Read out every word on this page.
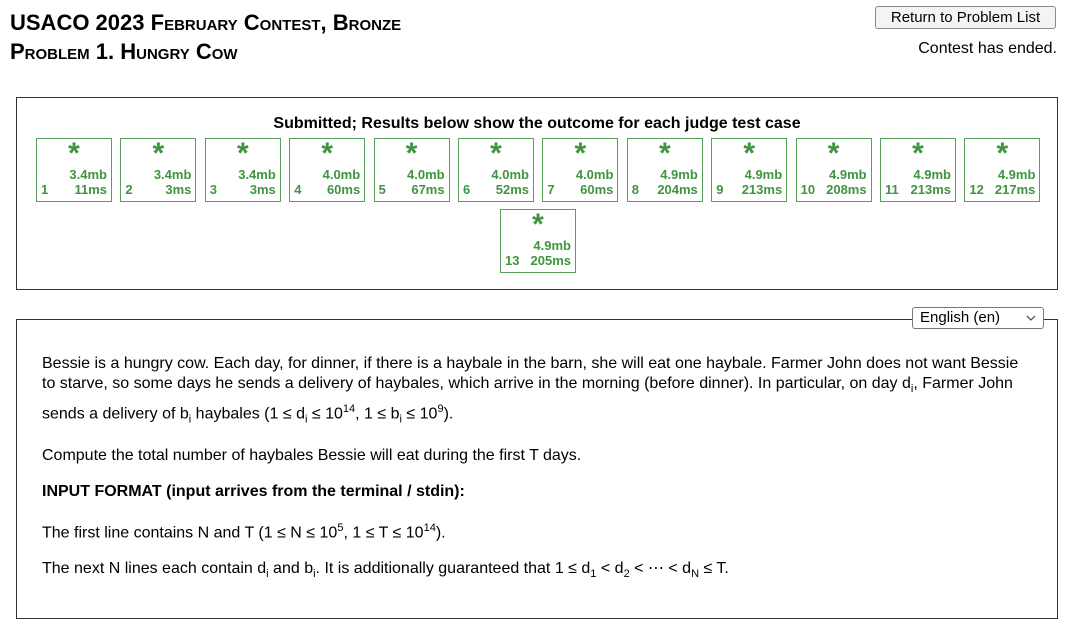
USACO 2023 February Contest, Bronze
Problem 1. Hungry Cow
Return to Problem List
Contest has ended.
Submitted; Results below show the outcome for each judge test case
*
3.4mb
1 11ms
*
3.4mb
2	3ms
*
3.4mb
3	3ms
*
4.0mb
4 60ms
*
4.0mb
5 67ms
*
4.0mb
6 52ms
*
4.0mb
7 60ms
*
4.9mb
8 204ms
*
4.9mb
9 213ms
*
4.9mb
10 208ms
*
4.9mb
11 213ms
*
4.9mb
12 217ms
*
4.9mb
13 205ms
English (en)

Bessie is a hungry cow. Each day, for dinner, if there is a haybale in the barn, she will eat one haybale. Farmer John does not want Bessie to starve, so some days he sends a delivery of haybales, which arrive in the morning (before dinner). In particular, on day $d_i$, Farmer John sends a delivery of $b_i$ haybales ($1 \le d_i \le 10^{14}$, $1 \le b_i \le 10^9$).

Compute the total number of haybales Bessie will eat during the first T days.

INPUT FORMAT (input arrives from the terminal / stdin):

The first line contains N and T ($1 \le N \le 10^5$, $1 \le T \le 10^{14}$).

The next N lines each contain $d_i$ and $b_i$. It is additionally guaranteed that $1 \le d_1 < d_2$ < ⋯ < $d_N \le T$.
